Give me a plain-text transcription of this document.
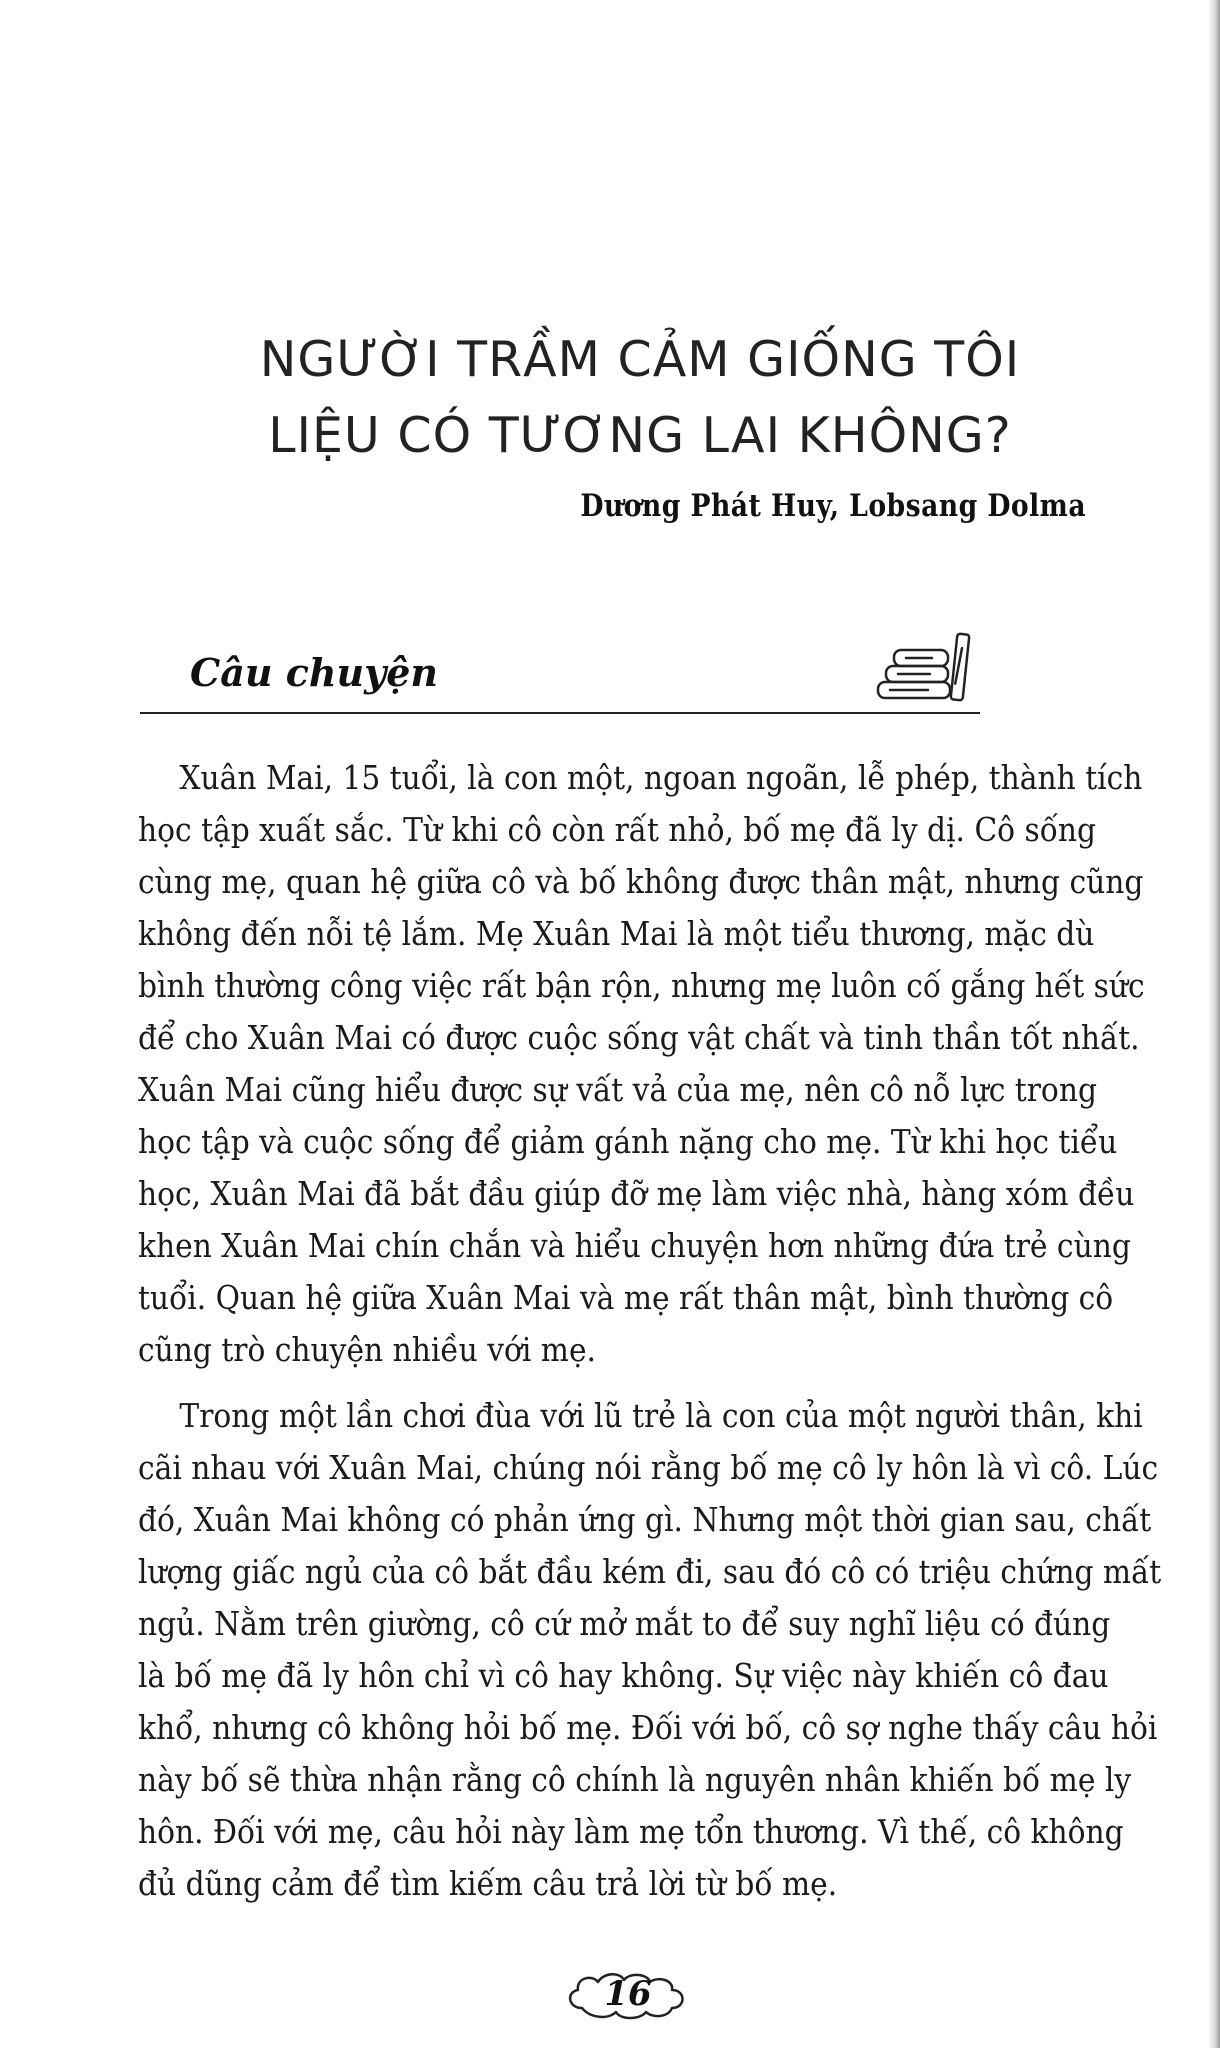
NGƯỜI TRẦM CẢM GIỐNG TÔI
LIỆU CÓ TƯƠNG LAI KHÔNG?
Dương Phát Huy, Lobsang Dolma
Câu chuyện
Xuân Mai, 15 tuổi, là con một, ngoan ngoãn, lễ phép, thành tích
học tập xuất sắc. Từ khi cô còn rất nhỏ, bố mẹ đã ly dị. Cô sống
cùng mẹ, quan hệ giữa cô và bố không được thân mật, nhưng cũng
không đến nỗi tệ lắm. Mẹ Xuân Mai là một tiểu thương, mặc dù
bình thường công việc rất bận rộn, nhưng mẹ luôn cố gắng hết sức
để cho Xuân Mai có được cuộc sống vật chất và tinh thần tốt nhất.
Xuân Mai cũng hiểu được sự vất vả của mẹ, nên cô nỗ lực trong
học tập và cuộc sống để giảm gánh nặng cho mẹ. Từ khi học tiểu
học, Xuân Mai đã bắt đầu giúp đỡ mẹ làm việc nhà, hàng xóm đều
khen Xuân Mai chín chắn và hiểu chuyện hơn những đứa trẻ cùng
tuổi. Quan hệ giữa Xuân Mai và mẹ rất thân mật, bình thường cô
cũng trò chuyện nhiều với mẹ.
Trong một lần chơi đùa với lũ trẻ là con của một người thân, khi
cãi nhau với Xuân Mai, chúng nói rằng bố mẹ cô ly hôn là vì cô. Lúc
đó, Xuân Mai không có phản ứng gì. Nhưng một thời gian sau, chất
lượng giấc ngủ của cô bắt đầu kém đi, sau đó cô có triệu chứng mất
ngủ. Nằm trên giường, cô cứ mở mắt to để suy nghĩ liệu có đúng
là bố mẹ đã ly hôn chỉ vì cô hay không. Sự việc này khiến cô đau
khổ, nhưng cô không hỏi bố mẹ. Đối với bố, cô sợ nghe thấy câu hỏi
này bố sẽ thừa nhận rằng cô chính là nguyên nhân khiến bố mẹ ly
hôn. Đối với mẹ, câu hỏi này làm mẹ tổn thương. Vì thế, cô không
đủ dũng cảm để tìm kiếm câu trả lời từ bố mẹ.
16
